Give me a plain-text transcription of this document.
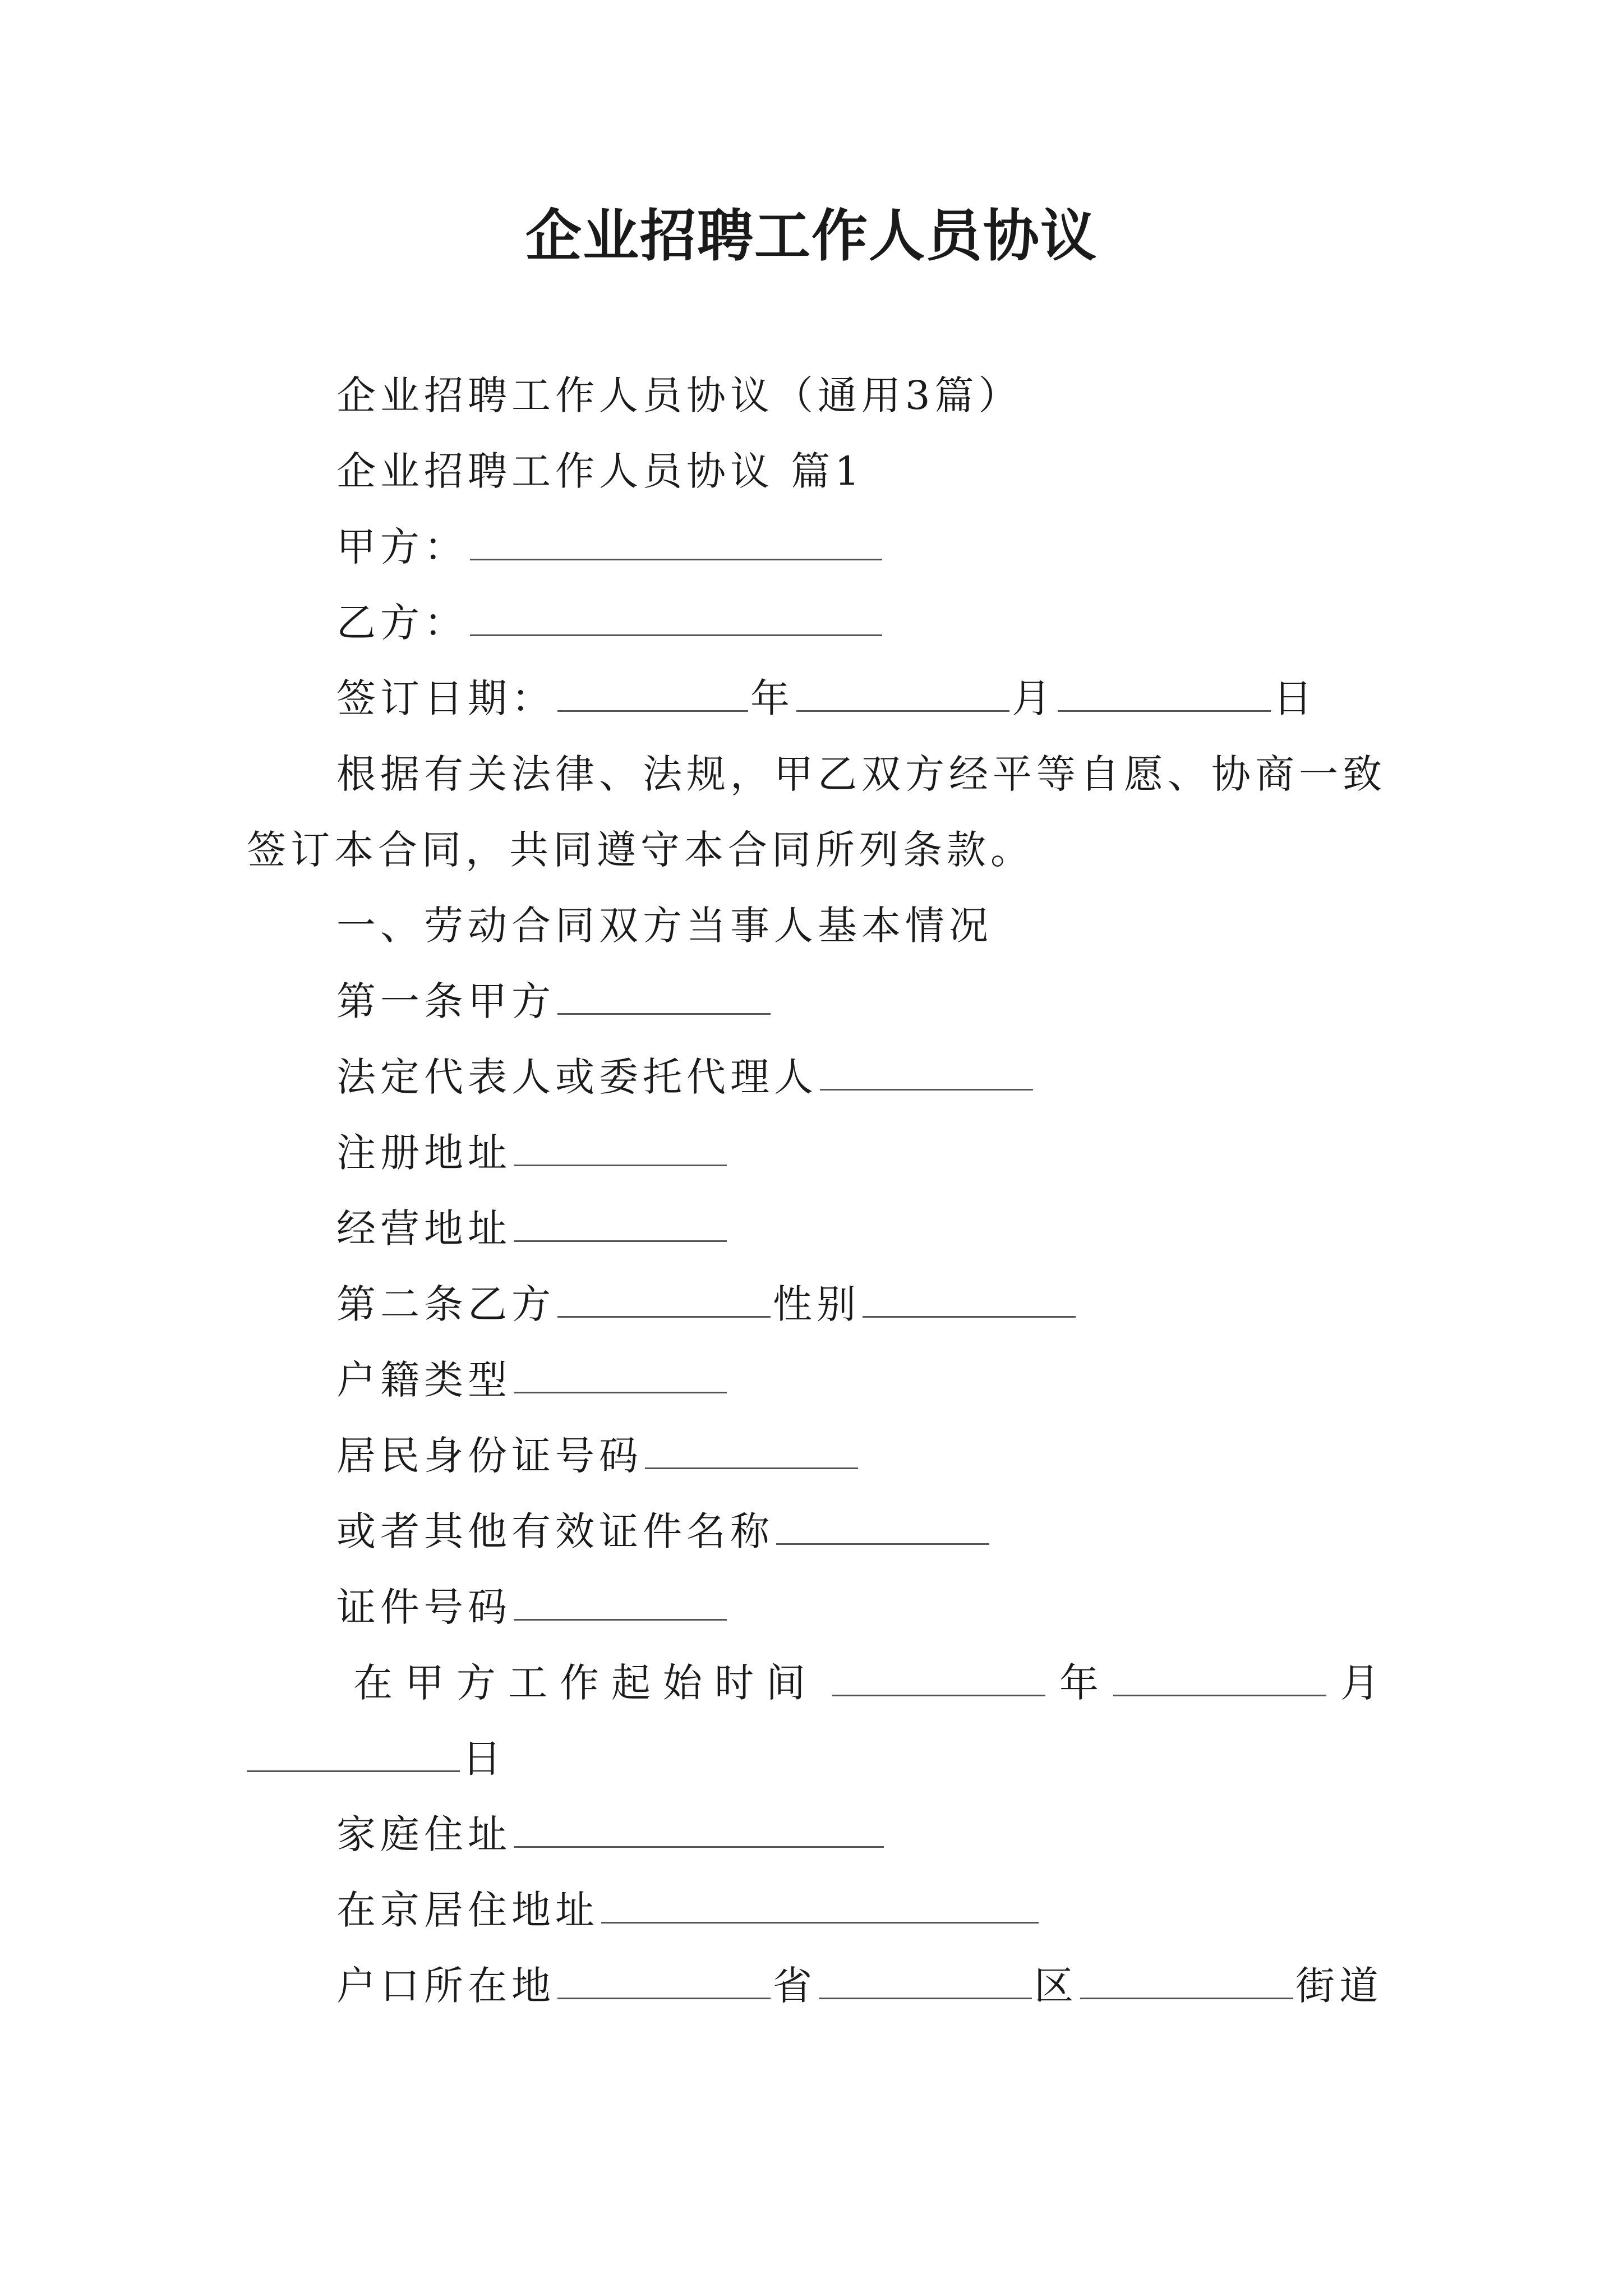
企业招聘工作人员协议
企业招聘工作人员协议（通用3篇）
企业招聘工作人员协议 篇1
甲方：
乙方：
签订日期：	年	月	日
根据有关法律、法规，甲乙双方经平等自愿、协商一致
签订本合同，共同遵守本合同所列条款。
一、劳动合同双方当事人基本情况
第一条甲方
法定代表人或委托代理人
注册地址
经营地址
第二条乙方	性别
户籍类型
居民身份证号码
或者其他有效证件名称
证件号码
在甲方工作起始时间	年	月
日
家庭住址
在京居住地址
户口所在地	省	区	街道
